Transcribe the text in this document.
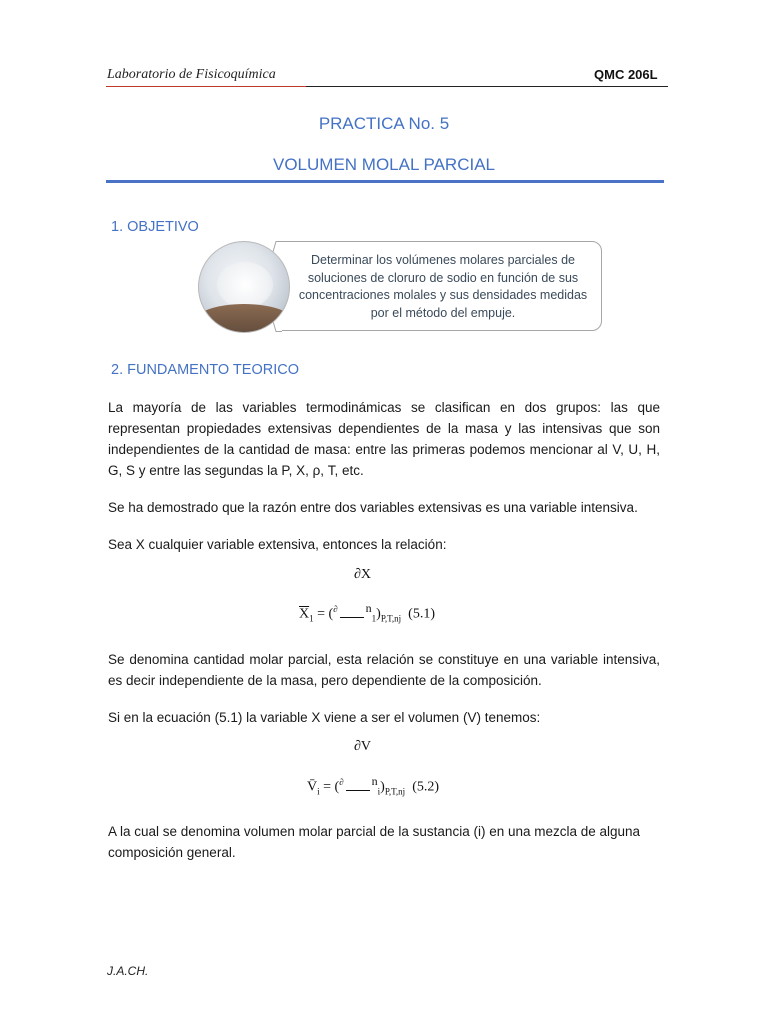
Laboratorio de Fisicoquímica	QMC 206L
PRACTICA No. 5
VOLUMEN MOLAL PARCIAL
1. OBJETIVO
Determinar los volúmenes molares parciales de soluciones de cloruro de sodio en función de sus concentraciones molales y sus densidades medidas por el método del empuje.
2. FUNDAMENTO TEORICO
La mayoría de las variables termodinámicas se clasifican en dos grupos: las que representan propiedades extensivas dependientes de la masa y las intensivas que son independientes de la cantidad de masa: entre las primeras podemos mencionar al V, U, H, G, S y entre las segundas la P, X, ρ, T, etc.
Se ha demostrado que la razón entre dos variables extensivas es una variable intensiva.
Sea X cualquier variable extensiva, entonces la relación:
∂X
$\overline{X}_1 = (^\partial$ $^n_1)_{P,T,nj}$ (5.1)
Se denomina cantidad molar parcial, esta relación se constituye en una variable intensiva, es decir independiente de la masa, pero dependiente de la composición.
Si en la ecuación (5.1) la variable X viene a ser el volumen (V) tenemos:
∂V
$V̄_i = (^\partial$ $^n_i)_{P,T,nj}$ (5.2)
A la cual se denomina volumen molar parcial de la sustancia (i) en una mezcla de alguna composición general.
J.A.CH.
